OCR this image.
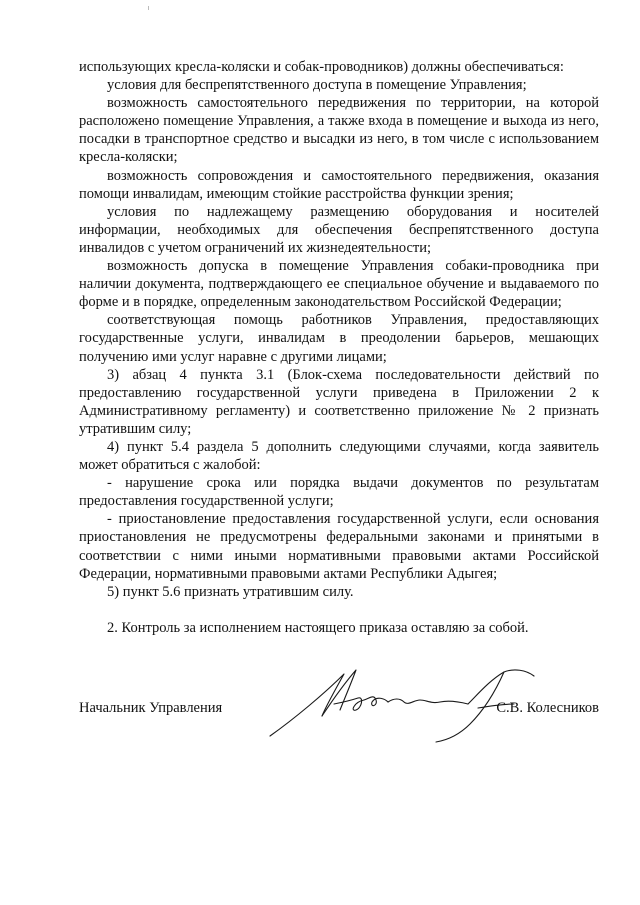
использующих кресла-коляски и собак-проводников) должны обеспечиваться:

условия для беспрепятственного доступа в помещение Управления;

возможность самостоятельного передвижения по территории, на которой расположено помещение Управления, а также входа в помещение и выхода из него, посадки в транспортное средство и высадки из него, в том числе с использованием кресла-коляски;

возможность сопровождения и самостоятельного передвижения, оказания помощи инвалидам, имеющим стойкие расстройства функции зрения;

условия по надлежащему размещению оборудования и носителей информации, необходимых для обеспечения беспрепятственного доступа инвалидов с учетом ограничений их жизнедеятельности;

возможность допуска в помещение Управления собаки-проводника при наличии документа, подтверждающего ее специальное обучение и выдаваемого по форме и в порядке, определенным законодательством Российской Федерации;

соответствующая помощь работников Управления, предоставляющих государственные услуги, инвалидам в преодолении барьеров, мешающих получению ими услуг наравне с другими лицами;

3) абзац 4 пункта 3.1 (Блок-схема последовательности действий по предоставлению государственной услуги приведена в Приложении 2 к Административному регламенту) и соответственно приложение № 2 признать утратившим силу;

4) пункт 5.4 раздела 5 дополнить следующими случаями, когда заявитель может обратиться с жалобой:

- нарушение срока или порядка выдачи документов по результатам предоставления государственной услуги;

- приостановление предоставления государственной услуги, если основания приостановления не предусмотрены федеральными законами и принятыми в соответствии с ними иными нормативными правовыми актами Российской Федерации, нормативными правовыми актами Республики Адыгея;

5) пункт 5.6 признать утратившим силу.

2. Контроль за исполнением настоящего приказа оставляю за собой.

Начальник Управления	С.В. Колесников
